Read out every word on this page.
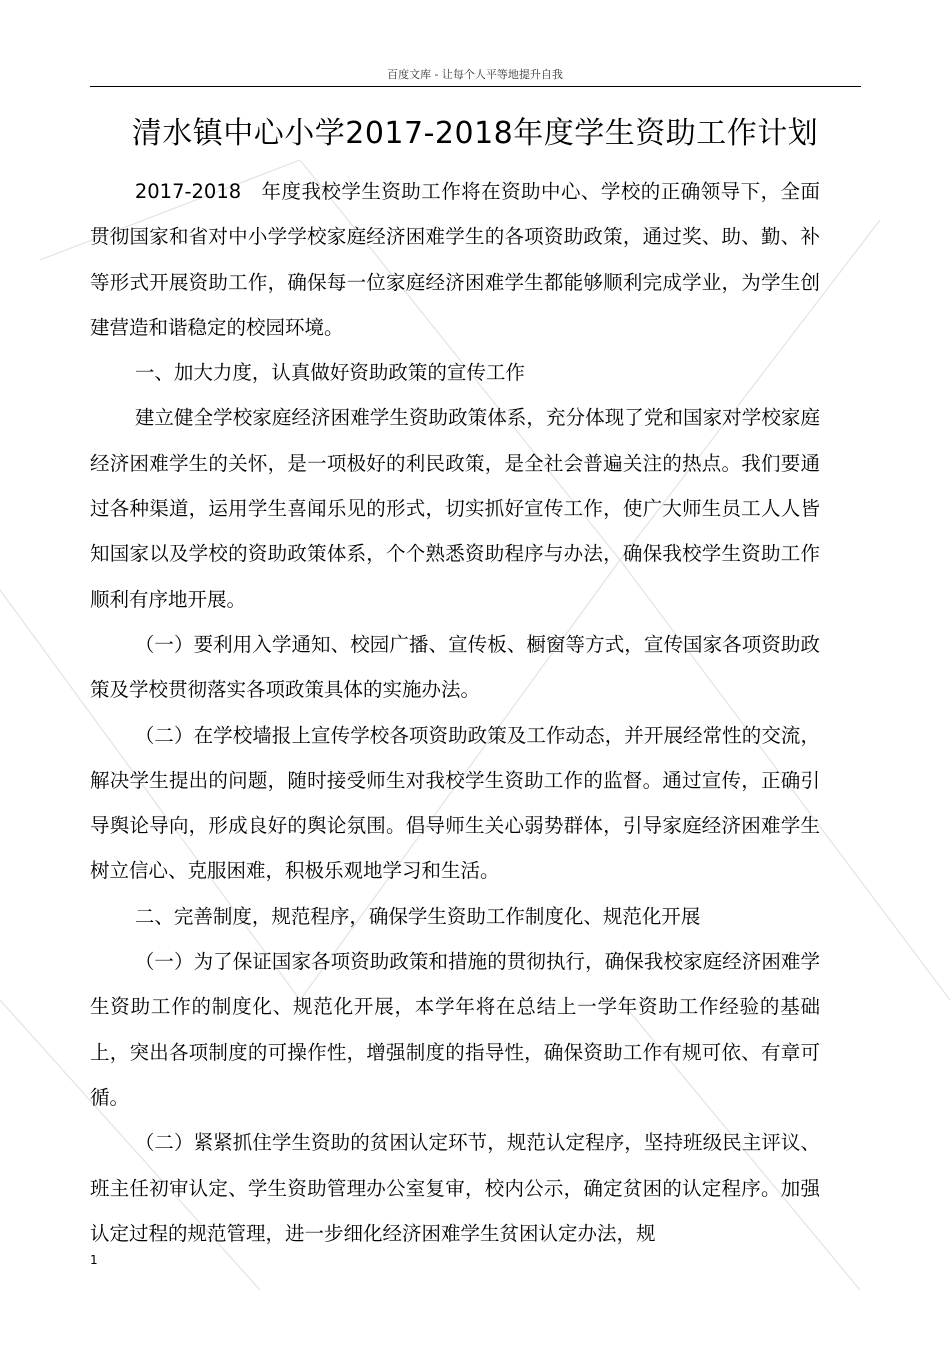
百度文库 - 让每个人平等地提升自我
清水镇中心小学2017-2018年度学生资助工作计划

2017-2018　年度我校学生资助工作将在资助中心、学校的正确领导下，全面贯彻国家和省对中小学学校家庭经济困难学生的各项资助政策，通过奖、助、勤、补等形式开展资助工作，确保每一位家庭经济困难学生都能够顺利完成学业，为学生创建营造和谐稳定的校园环境。

一、加大力度，认真做好资助政策的宣传工作

建立健全学校家庭经济困难学生资助政策体系，充分体现了党和国家对学校家庭经济困难学生的关怀，是一项极好的利民政策，是全社会普遍关注的热点。我们要通过各种渠道，运用学生喜闻乐见的形式，切实抓好宣传工作，使广大师生员工人人皆知国家以及学校的资助政策体系，个个熟悉资助程序与办法，确保我校学生资助工作顺利有序地开展。

（一）要利用入学通知、校园广播、宣传板、橱窗等方式，宣传国家各项资助政策及学校贯彻落实各项政策具体的实施办法。

（二）在学校墙报上宣传学校各项资助政策及工作动态，并开展经常性的交流，解决学生提出的问题，随时接受师生对我校学生资助工作的监督。通过宣传，正确引导舆论导向，形成良好的舆论氛围。倡导师生关心弱势群体，引导家庭经济困难学生树立信心、克服困难，积极乐观地学习和生活。

二、完善制度，规范程序，确保学生资助工作制度化、规范化开展

（一）为了保证国家各项资助政策和措施的贯彻执行，确保我校家庭经济困难学生资助工作的制度化、规范化开展，本学年将在总结上一学年资助工作经验的基础上，突出各项制度的可操作性，增强制度的指导性，确保资助工作有规可依、有章可循。

（二）紧紧抓住学生资助的贫困认定环节，规范认定程序，坚持班级民主评议、班主任初审认定、学生资助管理办公室复审，校内公示，确定贫困的认定程序。加强认定过程的规范管理，进一步细化经济困难学生贫困认定办法，规

1
